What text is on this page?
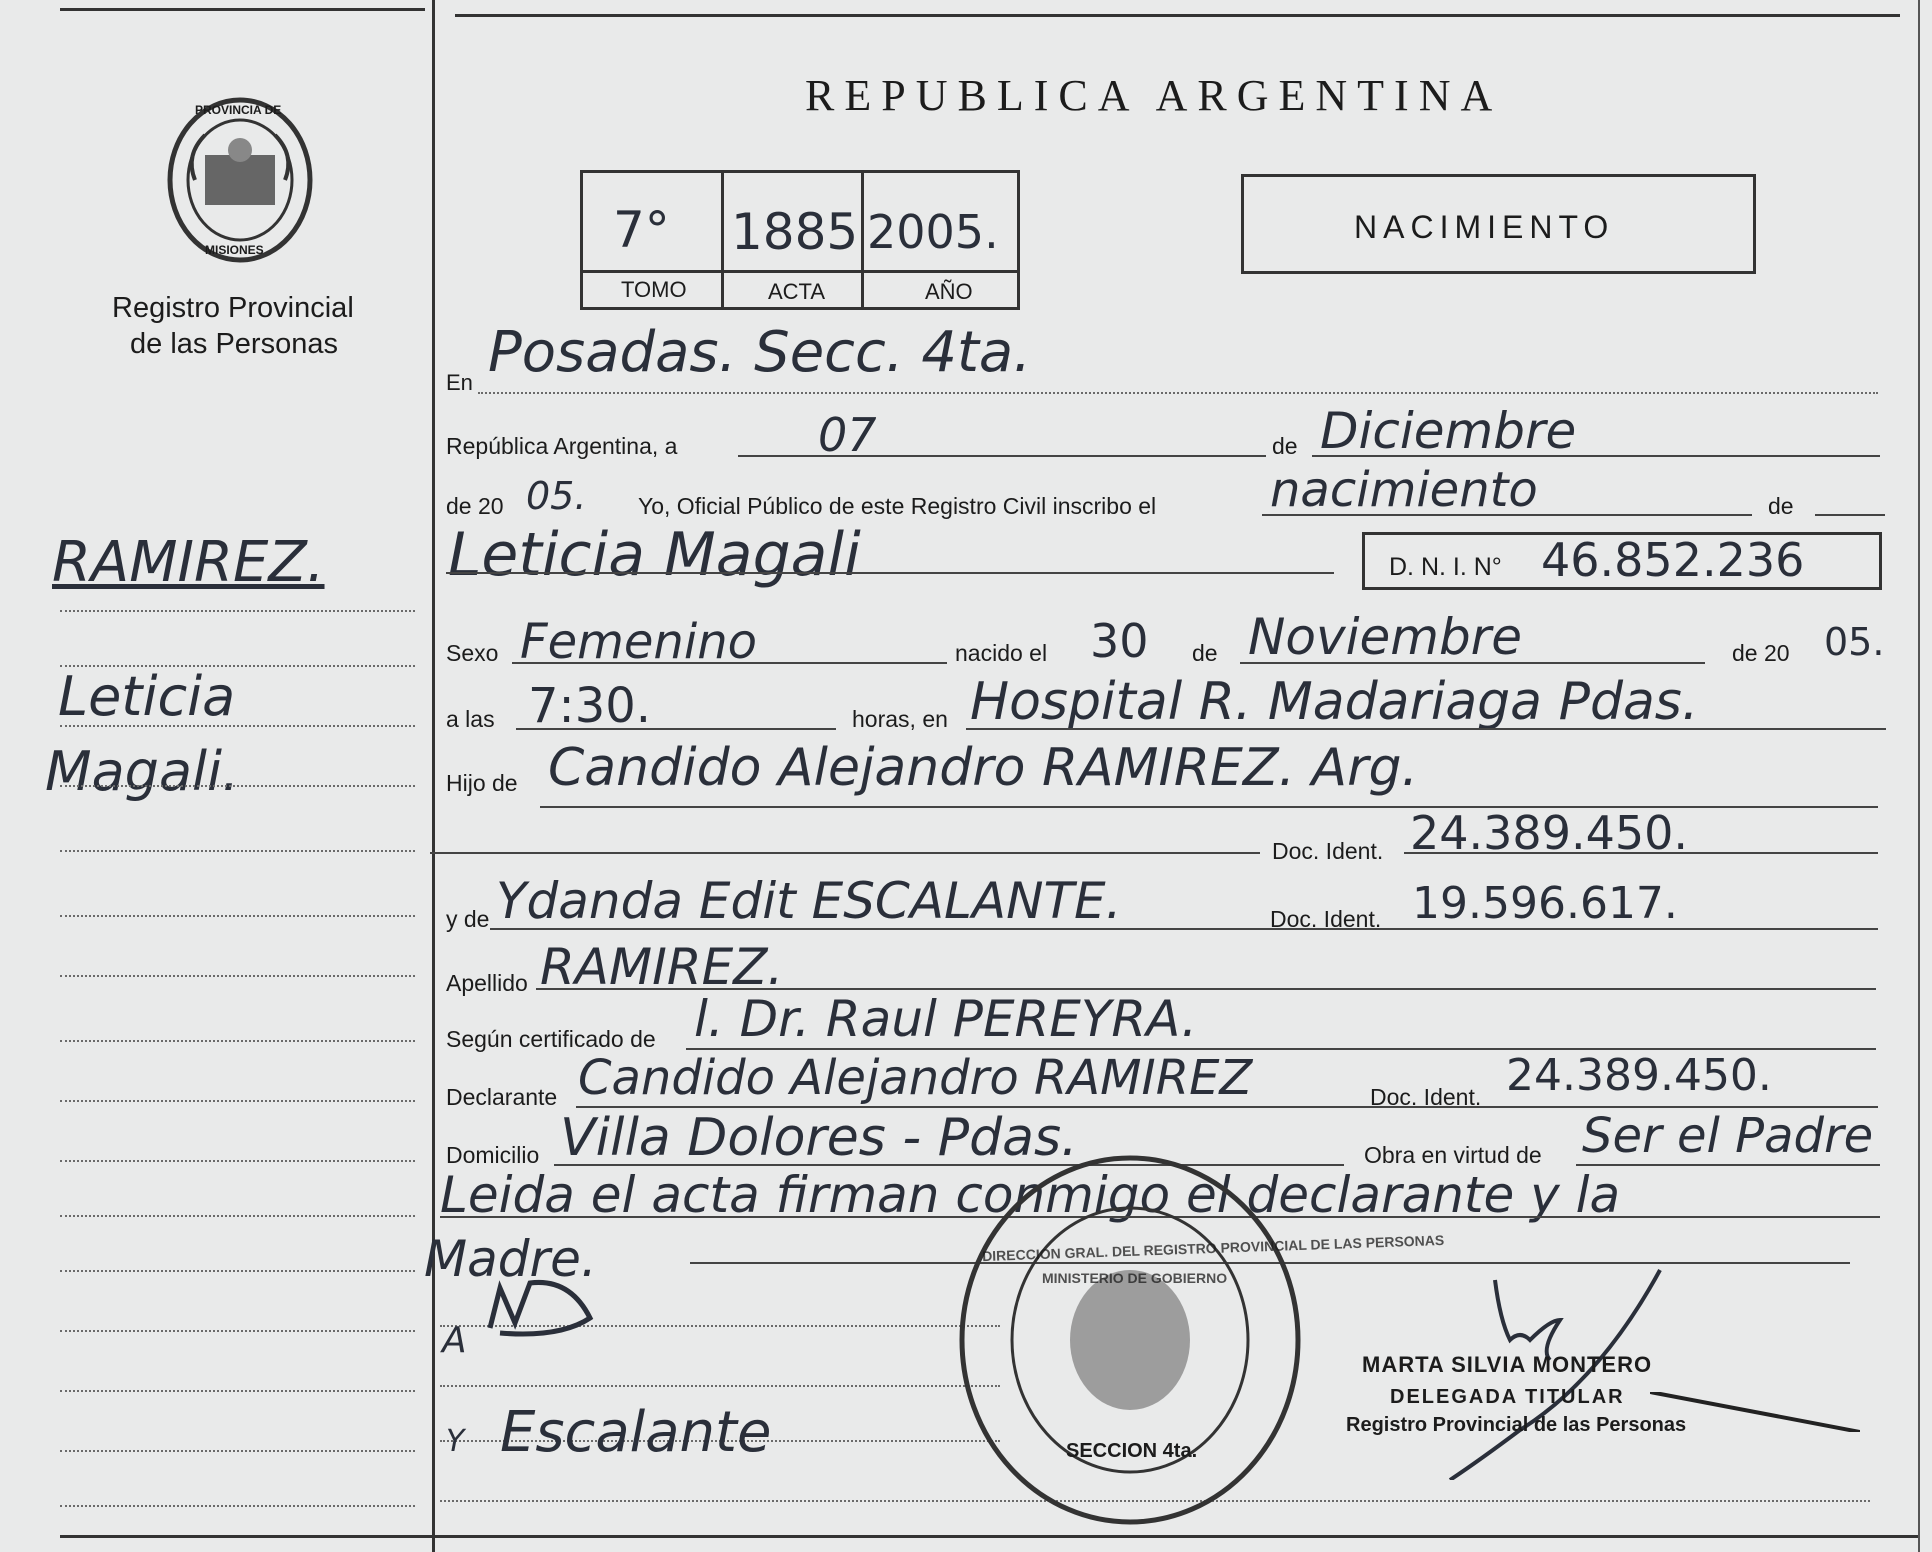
PROVINCIA DE
MISIONES
Registro Provincial
de las Personas
RAMIREZ.
Leticia
Magali.
REPUBLICA ARGENTINA
7° 1885 2005.
TOMO	ACTA	AÑO
NACIMIENTO
En Posadas. Secc. 4ta.
República Argentina, a	07	de Diciembre
de 20 05. Yo, Oficial Público de este Registro Civil inscribo el nacimiento	de
Leticia Magali	D. N. I. N° 46.852.236
Sexo Femenino	nacido el 30 de Noviembre	de 20 05.
a las 7:30.	horas, en Hospital R. Madariaga Pdas.
Hijo de Candido Alejandro RAMIREZ. Arg.
Doc. Ident. 24.389.450.
y de Ydanda Edit ESCALANTE.	Doc. Ident. 19.596.617.
Apellido RAMIREZ.
Según certificado de l. Dr. Raul PEREYRA.
Declarante Candido Alejandro RAMIREZ	Doc. Ident. 24.389.450.
Domicilio Villa Dolores - Pdas.	Obra en virtud de Ser el Padre
Leida el acta firman conmigo el declarante y la
Madre.
A
Y Escalante
DIRECCION GRAL. DEL REGISTRO PROVINCIAL DE LAS PERSONAS
MINISTERIO DE GOBIERNO
SECCION 4ta.
MARTA SILVIA MONTERO
DELEGADA TITULAR
Registro Provincial de las Personas
